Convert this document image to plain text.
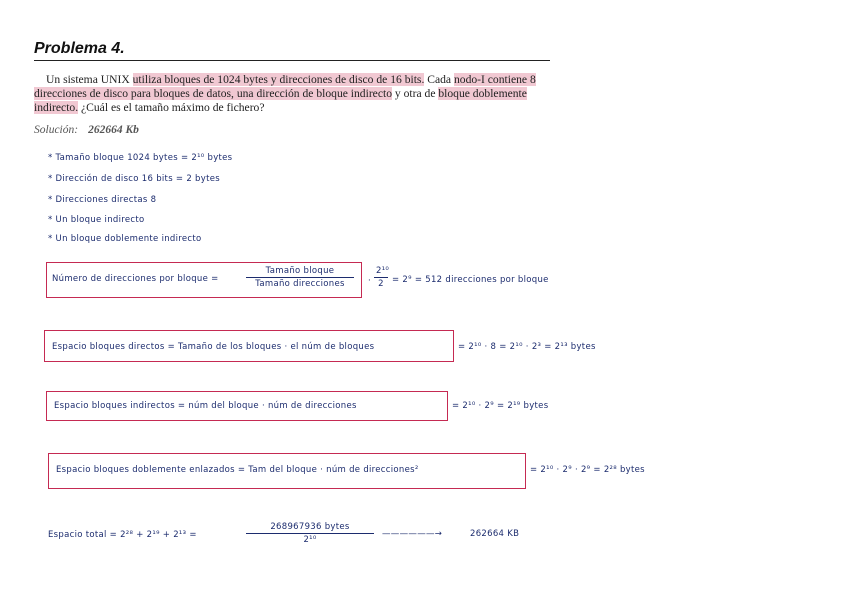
Problema 4.
Un sistema UNIX utiliza bloques de 1024 bytes y direcciones de disco de 16 bits. Cada nodo-I contiene 8 direcciones de disco para bloques de datos, una dirección de bloque indirecto y otra de bloque doblemente indirecto. ¿Cuál es el tamaño máximo de fichero?
Solución: 262664 Kb
* Tamaño bloque 1024 bytes = 2¹⁰ bytes
* Dirección de disco 16 bits = 2 bytes
* Direcciones directas 8
* Un bloque indirecto
* Un bloque doblemente indirecto
Número de direcciones por bloque =
Tamaño bloque
Tamaño direcciones	· $\frac{\text{2¹⁰}}{2} = 2^9 = 512$ direcciones por bloque
Espacio bloques directos = Tamaño de los bloques · el núm de bloques	= 2¹⁰ · 8 = 2¹⁰ · 2³ = 2¹³ bytes
Espacio bloques indirectos = núm del bloque · núm de direcciones	= 2¹⁰ · 2⁹ = 2¹⁹ bytes
Espacio bloques doblemente enlazados = Tam del bloque · núm de direcciones²	= 2¹⁰ · 2⁹ · 2⁹ = 2²⁸ bytes
Espacio total = 2²⁸ + 2¹⁹ + 2¹³ =
268967936 bytes
2¹⁰
——————→	262664 KB
